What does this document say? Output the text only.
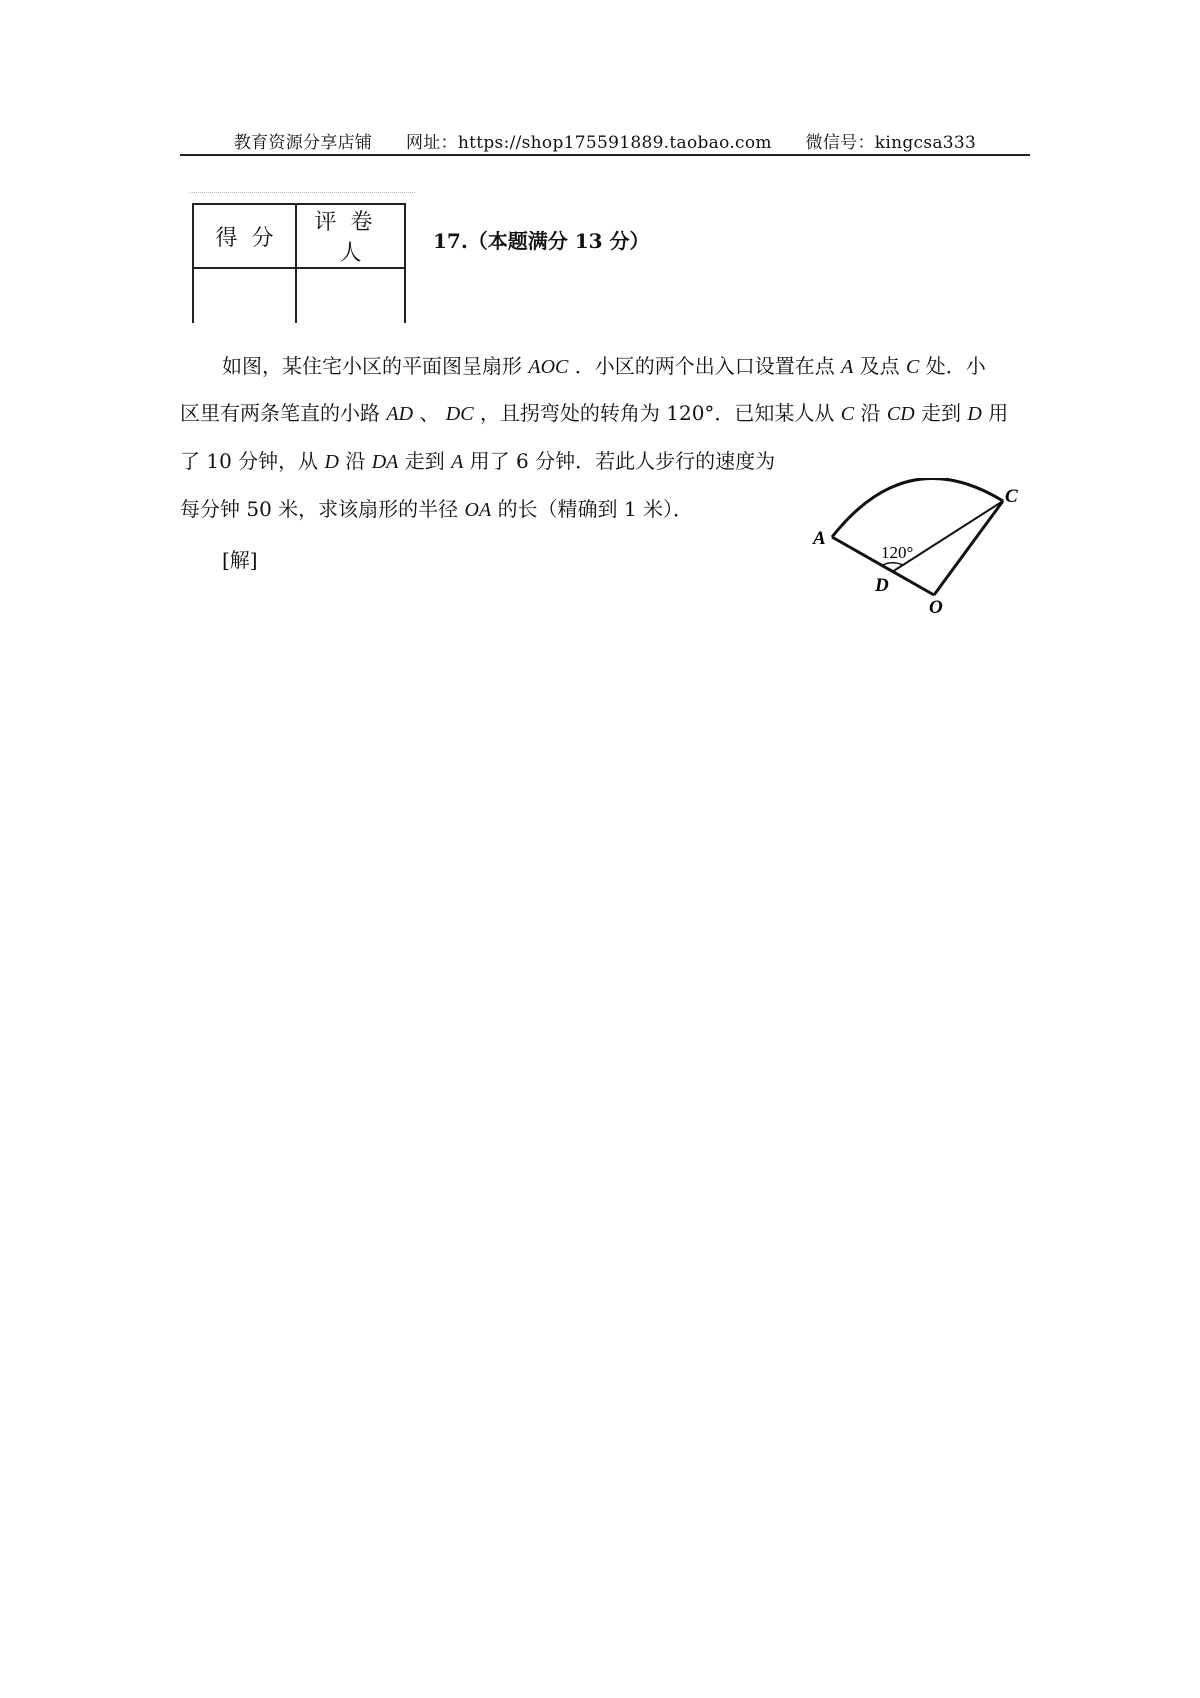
教育资源分享店铺 网址：https://shop175591889.taobao.com 微信号：kingcsa333
得分	评卷人
		17.（本题满分 13 分）
如图，某住宅小区的平面图呈扇形 AOC ．小区的两个出入口设置在点 A 及点 C 处．小
区里有两条笔直的小路 AD 、 DC ，且拐弯处的转角为 120°．已知某人从 C 沿 CD 走到 D 用
了 10 分钟，从 D 沿 DA 走到 A 用了 6 分钟．若此人步行的速度为
每分钟 50 米，求该扇形的半径 OA 的长（精确到 1 米）．
[解]
A
C
D
O
120°
